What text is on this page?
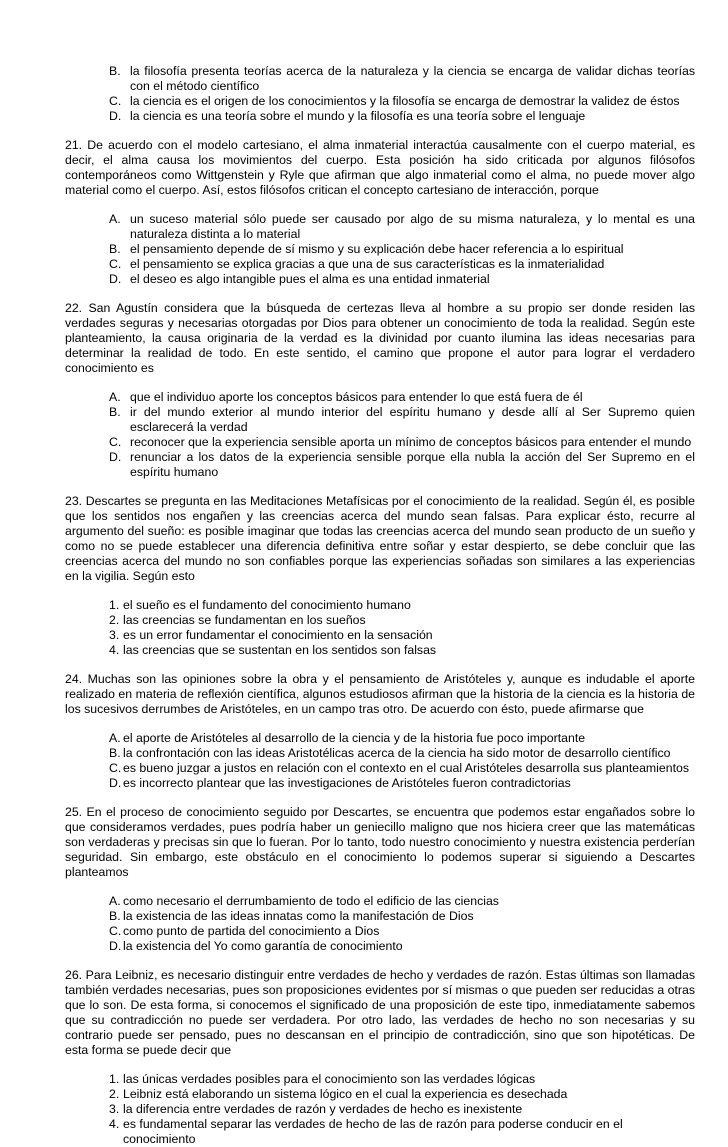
B. la filosofía presenta teorías acerca de la naturaleza y la ciencia se encarga de validar dichas teorías con el método científico
C. la ciencia es el origen de los conocimientos y la filosofía se encarga de demostrar la validez de éstos
D. la ciencia es una teoría sobre el mundo y la filosofía es una teoría sobre el lenguaje

21. De acuerdo con el modelo cartesiano, el alma inmaterial interactúa causalmente con el cuerpo material, es decir, el alma causa los movimientos del cuerpo. Esta posición ha sido criticada por algunos filósofos contemporáneos como Wittgenstein y Ryle que afirman que algo inmaterial como el alma, no puede mover algo material como el cuerpo. Así, estos filósofos critican el concepto cartesiano de interacción, porque

A. un suceso material sólo puede ser causado por algo de su misma naturaleza, y lo mental es una naturaleza distinta a lo material
B. el pensamiento depende de sí mismo y su explicación debe hacer referencia a lo espiritual
C. el pensamiento se explica gracias a que una de sus características es la inmaterialidad
D. el deseo es algo intangible pues el alma es una entidad inmaterial

22. San Agustín considera que la búsqueda de certezas lleva al hombre a su propio ser donde residen las verdades seguras y necesarias otorgadas por Dios para obtener un conocimiento de toda la realidad. Según este planteamiento, la causa originaria de la verdad es la divinidad por cuanto ilumina las ideas necesarias para determinar la realidad de todo. En este sentido, el camino que propone el autor para lograr el verdadero conocimiento es

A. que el individuo aporte los conceptos básicos para entender lo que está fuera de él
B. ir del mundo exterior al mundo interior del espíritu humano y desde allí al Ser Supremo quien esclarecerá la verdad
C. reconocer que la experiencia sensible aporta un mínimo de conceptos básicos para entender el mundo
D. renunciar a los datos de la experiencia sensible porque ella nubla la acción del Ser Supremo en el espíritu humano

23. Descartes se pregunta en las Meditaciones Metafísicas por el conocimiento de la realidad. Según él, es posible que los sentidos nos engañen y las creencias acerca del mundo sean falsas. Para explicar ésto, recurre al argumento del sueño: es posible imaginar que todas las creencias acerca del mundo sean producto de un sueño y como no se puede establecer una diferencia definitiva entre soñar y estar despierto, se debe concluir que las creencias acerca del mundo no son confiables porque las experiencias soñadas son similares a las experiencias en la vigilia. Según esto

1. el sueño es el fundamento del conocimiento humano
2. las creencias se fundamentan en los sueños
3. es un error fundamentar el conocimiento en la sensación
4. las creencias que se sustentan en los sentidos son falsas

24. Muchas son las opiniones sobre la obra y el pensamiento de Aristóteles y, aunque es indudable el aporte realizado en materia de reflexión científica, algunos estudiosos afirman que la historia de la ciencia es la historia de los sucesivos derrumbes de Aristóteles, en un campo tras otro. De acuerdo con ésto, puede afirmarse que

A. el aporte de Aristóteles al desarrollo de la ciencia y de la historia fue poco importante
B. la confrontación con las ideas Aristotélicas acerca de la ciencia ha sido motor de desarrollo científico
C. es bueno juzgar a justos en relación con el contexto en el cual Aristóteles desarrolla sus planteamientos
D. es incorrecto plantear que las investigaciones de Aristóteles fueron contradictorias

25. En el proceso de conocimiento seguido por Descartes, se encuentra que podemos estar engañados sobre lo que consideramos verdades, pues podría haber un geniecillo maligno que nos hiciera creer que las matemáticas son verdaderas y precisas sin que lo fueran. Por lo tanto, todo nuestro conocimiento y nuestra existencia perderían seguridad. Sin embargo, este obstáculo en el conocimiento lo podemos superar si siguiendo a Descartes planteamos

A. como necesario el derrumbamiento de todo el edificio de las ciencias
B. la existencia de las ideas innatas como la manifestación de Dios
C. como punto de partida del conocimiento a Dios
D. la existencia del Yo como garantía de conocimiento

26. Para Leibniz, es necesario distinguir entre verdades de hecho y verdades de razón. Estas últimas son llamadas también verdades necesarias, pues son proposiciones evidentes por sí mismas o que pueden ser reducidas a otras que lo son. De esta forma, si conocemos el significado de una proposición de este tipo, inmediatamente sabemos que su contradicción no puede ser verdadera. Por otro lado, las verdades de hecho no son necesarias y su contrario puede ser pensado, pues no descansan en el principio de contradicción, sino que son hipotéticas. De esta forma se puede decir que

1. las únicas verdades posibles para el conocimiento son las verdades lógicas
2. Leibniz está elaborando un sistema lógico en el cual la experiencia es desechada
3. la diferencia entre verdades de razón y verdades de hecho es inexistente
4. es fundamental separar las verdades de hecho de las de razón para poderse conducir en el conocimiento
